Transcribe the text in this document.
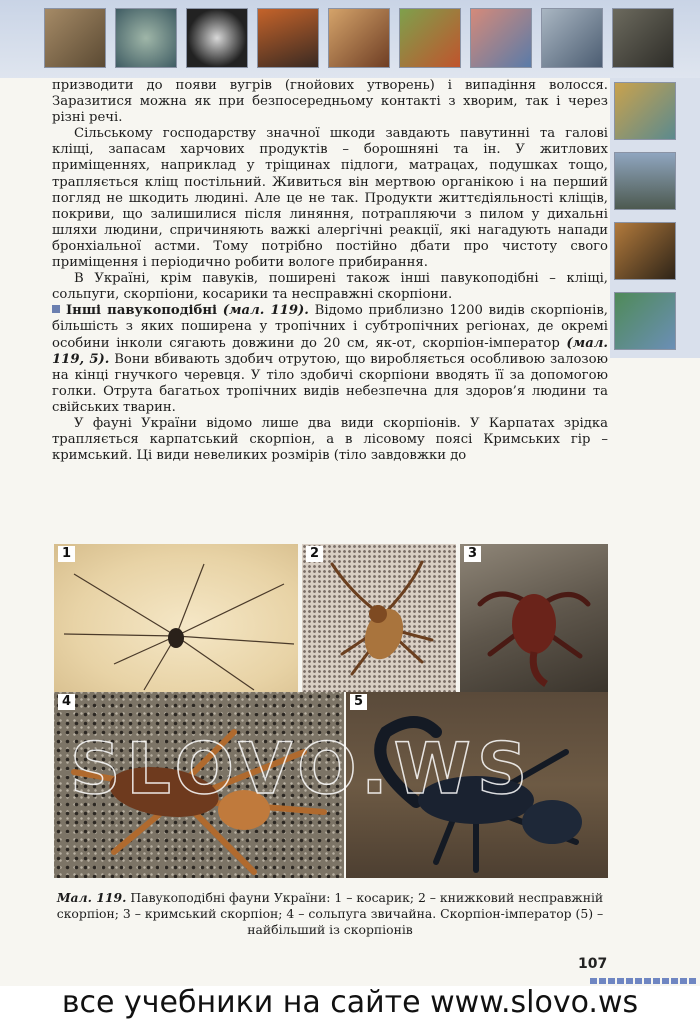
призводити до появи вугрів (гнойових утворень) і випадіння волосся. Заразитися можна як при безпосередньому контакті з хворим, так і через різні речі.

Сільському господарству значної шкоди завдають павутинні та галові кліщі, запасам харчових продуктів – борошняні та ін. У житлових приміщеннях, наприклад у тріщинах підлоги, матрацах, подушках тощо, трапляється кліщ постільний. Живиться він мертвою органікою і на перший погляд не шкодить людині. Але це не так. Продукти життєдіяльності кліщів, покриви, що залишилися після линяння, потрапляючи з пилом у дихальні шляхи людини, спричиняють важкі алергічні реакції, які нагадують напади бронхіальної астми. Тому потрібно постійно дбати про чистоту свого приміщення і періодично робити вологе прибирання.

В Україні, крім павуків, поширені також інші павукоподібні – кліщі, сольпуги, скорпіони, косарики та несправжні скорпіони.

Інші павукоподібні (мал. 119). Відомо приблизно 1200 видів скорпіонів, більшість з яких поширена у тропічних і субтропічних регіонах, де окремі особини інколи сягають довжини до 20 см, як-от, скорпіон-імператор (мал. 119, 5). Вони вбивають здобич отрутою, що виробляється особливою залозою на кінці гнучкого черевця. У тіло здобичі скорпіони вводять її за допомогою голки. Отрута багатьох тропічних видів небезпечна для здоров’я людини та свійських тварин.

У фауні України відомо лише два види скорпіонів. У Карпатах зрідка трапляється карпатський скорпіон, а в лісовому поясі Кримських гір – кримський. Ці види невеликих розмірів (тіло завдовжки до

1	2	3
4	5
SLOVO.WS
Мал. 119. Павукоподібні фауни України: 1 – косарик; 2 – книжковий несправжній скорпіон; 3 – кримський скорпіон; 4 – сольпуга звичайна. Скорпіон-імператор (5) – найбільший із скорпіонів
107
все учебники на сайте www.slovo.ws
